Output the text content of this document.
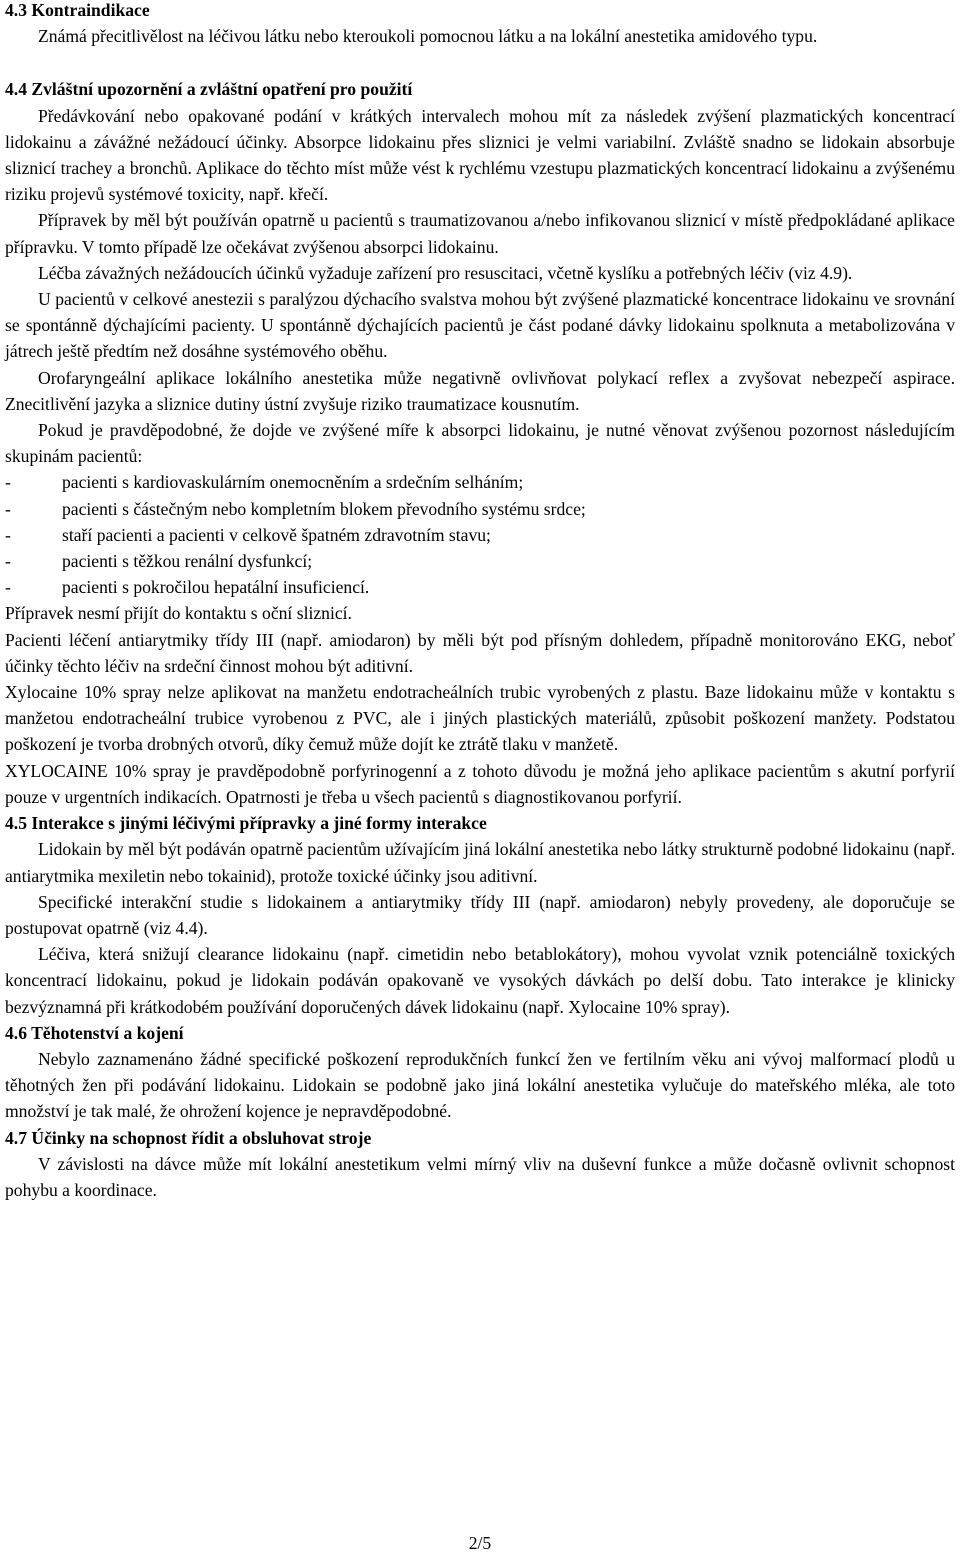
4.3 Kontraindikace
Známá přecitlivělost na léčivou látku nebo kteroukoli pomocnou látku a na lokální anestetika amidového typu.
4.4 Zvláštní upozornění a zvláštní opatření pro použití
Předávkování nebo opakované podání v krátkých intervalech mohou mít za následek zvýšení plazmatických koncentrací lidokainu a závážné nežádoucí účinky. Absorpce lidokainu přes sliznici je velmi variabilní. Zvláště snadno se lidokain absorbuje sliznicí trachey a bronchů. Aplikace do těchto míst může vést k rychlému vzestupu plazmatických koncentrací lidokainu a zvýšenému riziku projevů systémové toxicity, např. křečí.
Přípravek by měl být používán opatrně u pacientů s traumatizovanou a/nebo infikovanou sliznicí v místě předpokládané aplikace přípravku. V tomto případě lze očekávat zvýšenou absorpci lidokainu.
Léčba závažných nežádoucích účinků vyžaduje zařízení pro resuscitaci, včetně kyslíku a potřebných léčiv (viz 4.9).
U pacientů v celkové anestezii s paralýzou dýchacího svalstva mohou být zvýšené plazmatické koncentrace lidokainu ve srovnání se spontánně dýchajícími pacienty. U spontánně dýchajících pacientů je část podané dávky lidokainu spolknuta a metabolizována v játrech ještě předtím než dosáhne systémového oběhu.
Orofaryngeální aplikace lokálního anestetika může negativně ovlivňovat polykací reflex a zvyšovat nebezpečí aspirace. Znecitlivění jazyka a sliznice dutiny ústní zvyšuje riziko traumatizace kousnutím.
Pokud je pravděpodobné, že dojde ve zvýšené míře k absorpci lidokainu, je nutné věnovat zvýšenou pozornost následujícím skupinám pacientů:
-	pacienti s kardiovaskulárním onemocněním a srdečním selháním;
-	pacienti s částečným nebo kompletním blokem převodního systému srdce;
-	staří pacienti a pacienti v celkově špatném zdravotním stavu;
-	pacienti s těžkou renální dysfunkcí;
-	pacienti s pokročilou hepatální insuficiencí.
Přípravek nesmí přijít do kontaktu s oční sliznicí.
Pacienti léčení antiarytmiky třídy III (např. amiodaron) by měli být pod přísným dohledem, případně monitorováno EKG, neboť účinky těchto léčiv na srdeční činnost mohou být aditivní.
Xylocaine 10% spray nelze aplikovat na manžetu endotracheálních trubic vyrobených z plastu. Baze lidokainu může v kontaktu s manžetou endotracheální trubice vyrobenou z PVC, ale i jiných plastických materiálů, způsobit poškození manžety. Podstatou poškození je tvorba drobných otvorů, díky čemuž může dojít ke ztrátě tlaku v manžetě.
XYLOCAINE 10% spray je pravděpodobně porfyrinogenní a z tohoto důvodu je možná jeho aplikace pacientům s akutní porfyrií pouze v urgentních indikacích. Opatrnosti je třeba u všech pacientů s diagnostikovanou porfyrií.
4.5 Interakce s jinými léčivými přípravky a jiné formy interakce
Lidokain by měl být podáván opatrně pacientům užívajícím jiná lokální anestetika nebo látky strukturně podobné lidokainu (např. antiarytmika mexiletin nebo tokainid), protože toxické účinky jsou aditivní.
Specifické interakční studie s lidokainem a antiarytmiky třídy III (např. amiodaron) nebyly provedeny, ale doporučuje se postupovat opatrně (viz 4.4).
Léčiva, která snižují clearance lidokainu (např. cimetidin nebo betablokátory), mohou vyvolat vznik potenciálně toxických koncentrací lidokainu, pokud je lidokain podáván opakovaně ve vysokých dávkách po delší dobu. Tato interakce je klinicky bezvýznamná při krátkodobém používání doporučených dávek lidokainu (např. Xylocaine 10% spray).
4.6 Těhotenství a kojení
Nebylo zaznamenáno žádné specifické poškození reprodukčních funkcí žen ve fertilním věku ani vývoj malformací plodů u těhotných žen při podávání lidokainu. Lidokain se podobně jako jiná lokální anestetika vylučuje do mateřského mléka, ale toto množství je tak malé, že ohrožení kojence je nepravděpodobné.
4.7 Účinky na schopnost řídit a obsluhovat stroje
V závislosti na dávce může mít lokální anestetikum velmi mírný vliv na duševní funkce a může dočasně ovlivnit schopnost pohybu a koordinace.
2/5
